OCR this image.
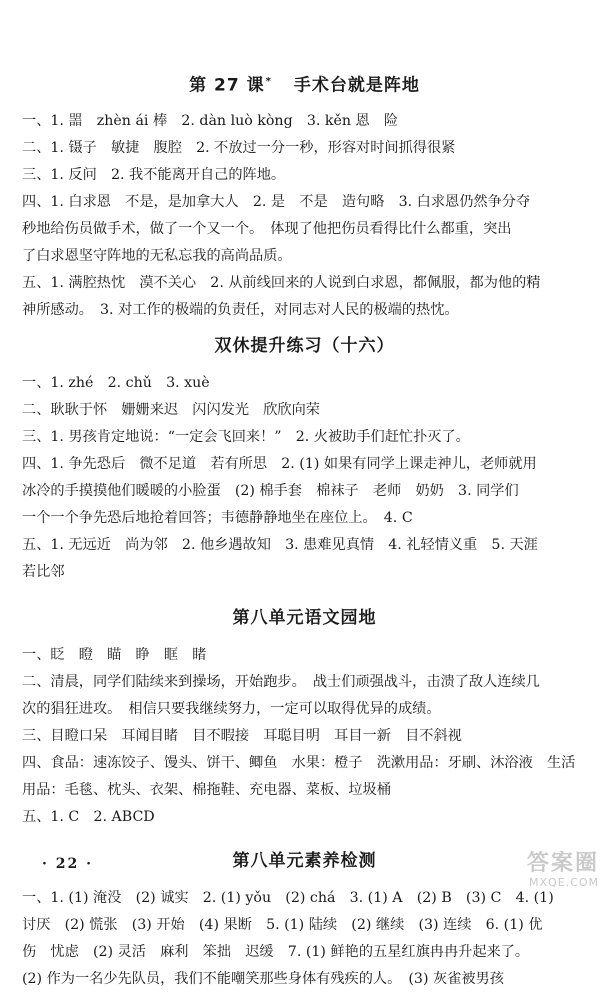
第 27 课* 手术台就是阵地
一、1. 噐　zhèn ái 棒　2. dàn luò kòng　3. kěn 恩　险
二、1. 镊子　敏捷　腹腔　2. 不放过一分一秒，形容对时间抓得很紧
三、1. 反问　2. 我不能离开自己的阵地。
四、1. 白求恩　不是，是加拿大人　2. 是　不是　造句略　3. 白求恩仍然争分夺
秒地给伤员做手术，做了一个又一个。　体现了他把伤员看得比什么都重，突出
了白求恩坚守阵地的无私忘我的高尚品质。
五、1. 满腔热忱　漠不关心　2. 从前线回来的人说到白求恩，都佩服，都为他的精
神所感动。　3. 对工作的极端的负责任，对同志对人民的极端的热忱。
双休提升练习（十六）
一、1. zhé　2. chǔ　3. xuè
二、耿耿于怀　姗姗来迟　闪闪发光　欣欣向荣
三、1. 男孩肯定地说：“一定会飞回来！”　2. 火被助手们赶忙扑灭了。
四、1. 争先恐后　微不足道　若有所思　2. (1) 如果有同学上课走神儿，老师就用
冰冷的手摸摸他们暖暖的小脸蛋　(2) 棉手套　棉袜子　老师　奶奶　3. 同学们
一个一个争先恐后地抢着回答；韦德静静地坐在座位上。　4. C
五、1. 无远近　尚为邻　2. 他乡遇故知　3. 患难见真情　4. 礼轻情义重　5. 天涯
若比邻
第八单元语文园地
一、眨　瞪　瞄　睁　眶　睹
二、清晨，同学们陆续来到操场，开始跑步。　战士们顽强战斗，击溃了敌人连续几
次的猖狂进攻。　相信只要我继续努力，一定可以取得优异的成绩。
三、目瞪口呆　耳闻目睹　目不暇接　耳聪目明　耳目一新　目不斜视
四、食品：速冻饺子、馒头、饼干、鲫鱼　水果：橙子　洗漱用品：牙刷、沐浴液　生活
用品：毛毯、枕头、衣架、棉拖鞋、充电器、菜板、垃圾桶
五、1. C　2. ABCD
第八单元素养检测
一、1. (1) 淹没　(2) 诚实　2. (1) yǒu　(2) chá　3. (1) A　(2) B　(3) C　4. (1)
讨厌　(2) 慌张　(3) 开始　(4) 果断　5. (1) 陆续　(2) 继续　(3) 连续　6. (1) 优
伤　忧虑　(2) 灵活　麻利　笨拙　迟缓　7. (1) 鲜艳的五星红旗冉冉升起来了。
(2) 作为一名少先队员，我们不能嘲笑那些身体有残疾的人。　(3) 灰雀被男孩
· 22 ·	答案圈
MXQE.COM
